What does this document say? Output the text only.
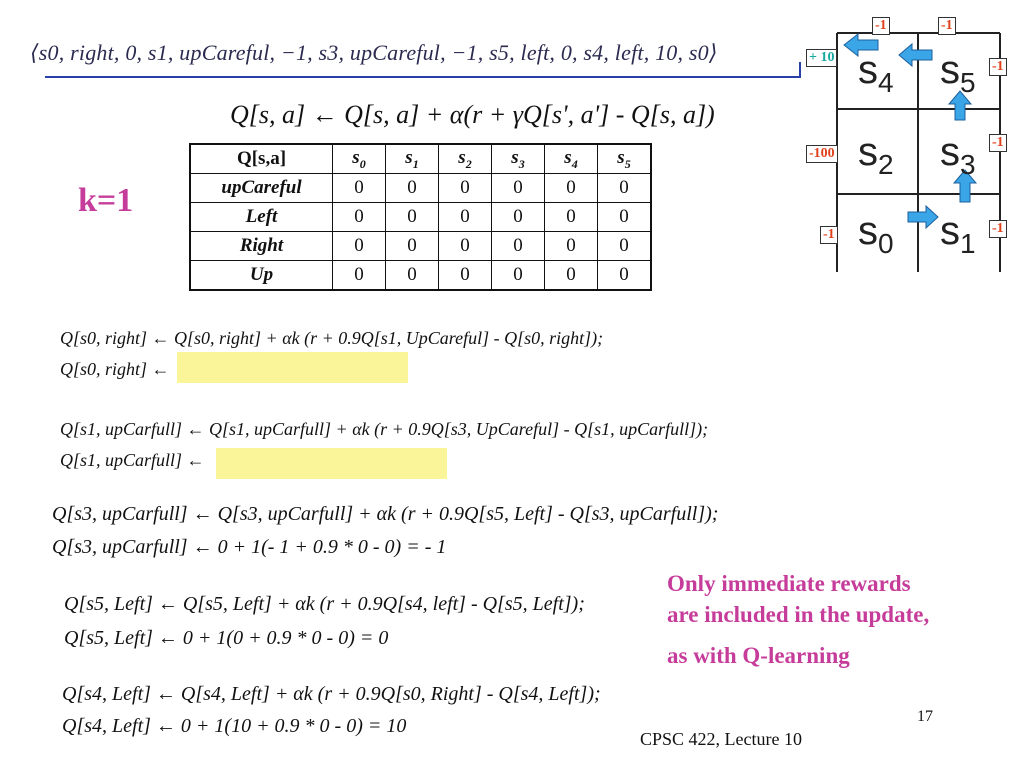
⟨s0, right, 0, s1, upCareful, −1, s3, upCareful, −1, s5, left, 0, s4, left, 10, s0⟩
Q[s, a] ← Q[s, a] + α(r + γQ[s', a'] - Q[s, a])
k=1
Q[s,a]	$s_0$	$s_1$	$s_2$	$s_3$	$s_4$	$s_5$
upCareful	0	0	0	0	0	0
Left	0	0	0	0	0	0
Right	0	0	0	0	0	0
Up	0	0	0	0	0	0
Q[s0, right] ← Q[s0, right] + αk (r + 0.9Q[s1, UpCareful] - Q[s0, right]);
Q[s0, right] ←
Q[s1, upCarfull] ← Q[s1, upCarfull] + αk (r + 0.9Q[s3, UpCareful] - Q[s1, upCarfull]);
Q[s1, upCarfull] ←
Q[s3, upCarfull] ← Q[s3, upCarfull] + αk (r + 0.9Q[s5, Left] - Q[s3, upCarfull]);
Q[s3, upCarfull] ← 0 + 1(- 1 + 0.9 * 0 - 0) = - 1
Q[s5, Left] ← Q[s5, Left] + αk (r + 0.9Q[s4, left] - Q[s5, Left]);
Q[s5, Left] ← 0 + 1(0 + 0.9 * 0 - 0) = 0
Q[s4, Left] ← Q[s4, Left] + αk (r + 0.9Q[s0, Right] - Q[s4, Left]);
Q[s4, Left] ← 0 + 1(10 + 0.9 * 0 - 0) = 10
Only immediate rewards
are included in the update,
as with Q-learning
17
CPSC 422, Lecture 10
$s_4$ $s_5$
$s_2$ $s_3$
$s_0$ $s_1$
-1	-1
+ 10
-1
-1
-100
-1	-1
